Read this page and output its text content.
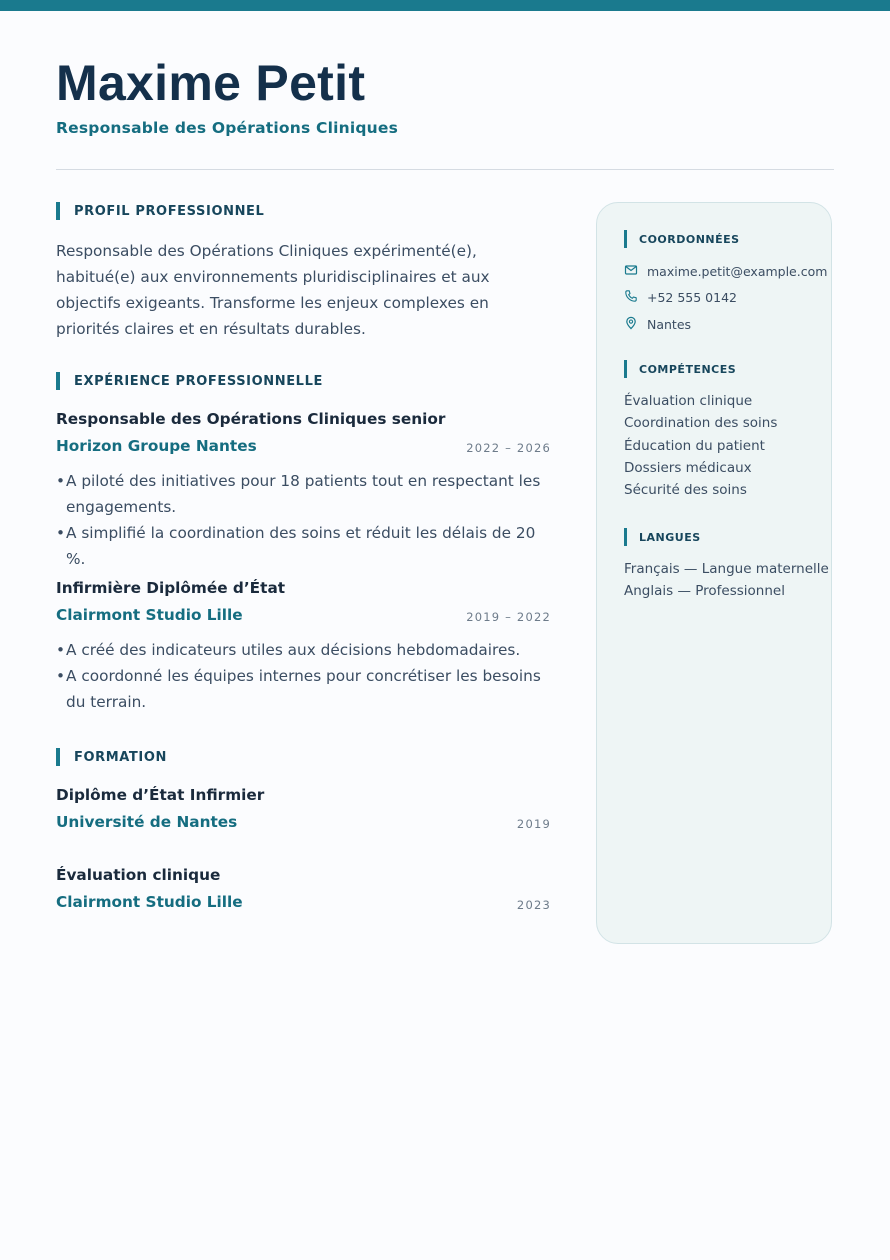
Maxime Petit

Responsable des Opérations Cliniques

PROFIL PROFESSIONNEL

Responsable des Opérations Cliniques expérimenté(e), habitué(e) aux environnements pluridisciplinaires et aux objectifs exigeants. Transforme les enjeux complexes en priorités claires et en résultats durables.

EXPÉRIENCE PROFESSIONNELLE

Responsable des Opérations Cliniques senior

Horizon Groupe Nantes	2022 – 2026
• A piloté des initiatives pour 18 patients tout en respectant les engagements.
• A simplifié la coordination des soins et réduit les délais de 20 %.

Infirmière Diplômée d’État

Clairmont Studio Lille	2019 – 2022
• A créé des indicateurs utiles aux décisions hebdomadaires.
• A coordonné les équipes internes pour concrétiser les besoins du terrain.
FORMATION

Diplôme d’État Infirmier

Université de Nantes	2019

Évaluation clinique

Clairmont Studio Lille	2023
COORDONNÉES
maxime.petit@example.com
+52 555 0142
Nantes
COMPÉTENCES
Évaluation clinique
Coordination des soins
Éducation du patient
Dossiers médicaux
Sécurité des soins
LANGUES
Français — Langue maternelle
Anglais — Professionnel
